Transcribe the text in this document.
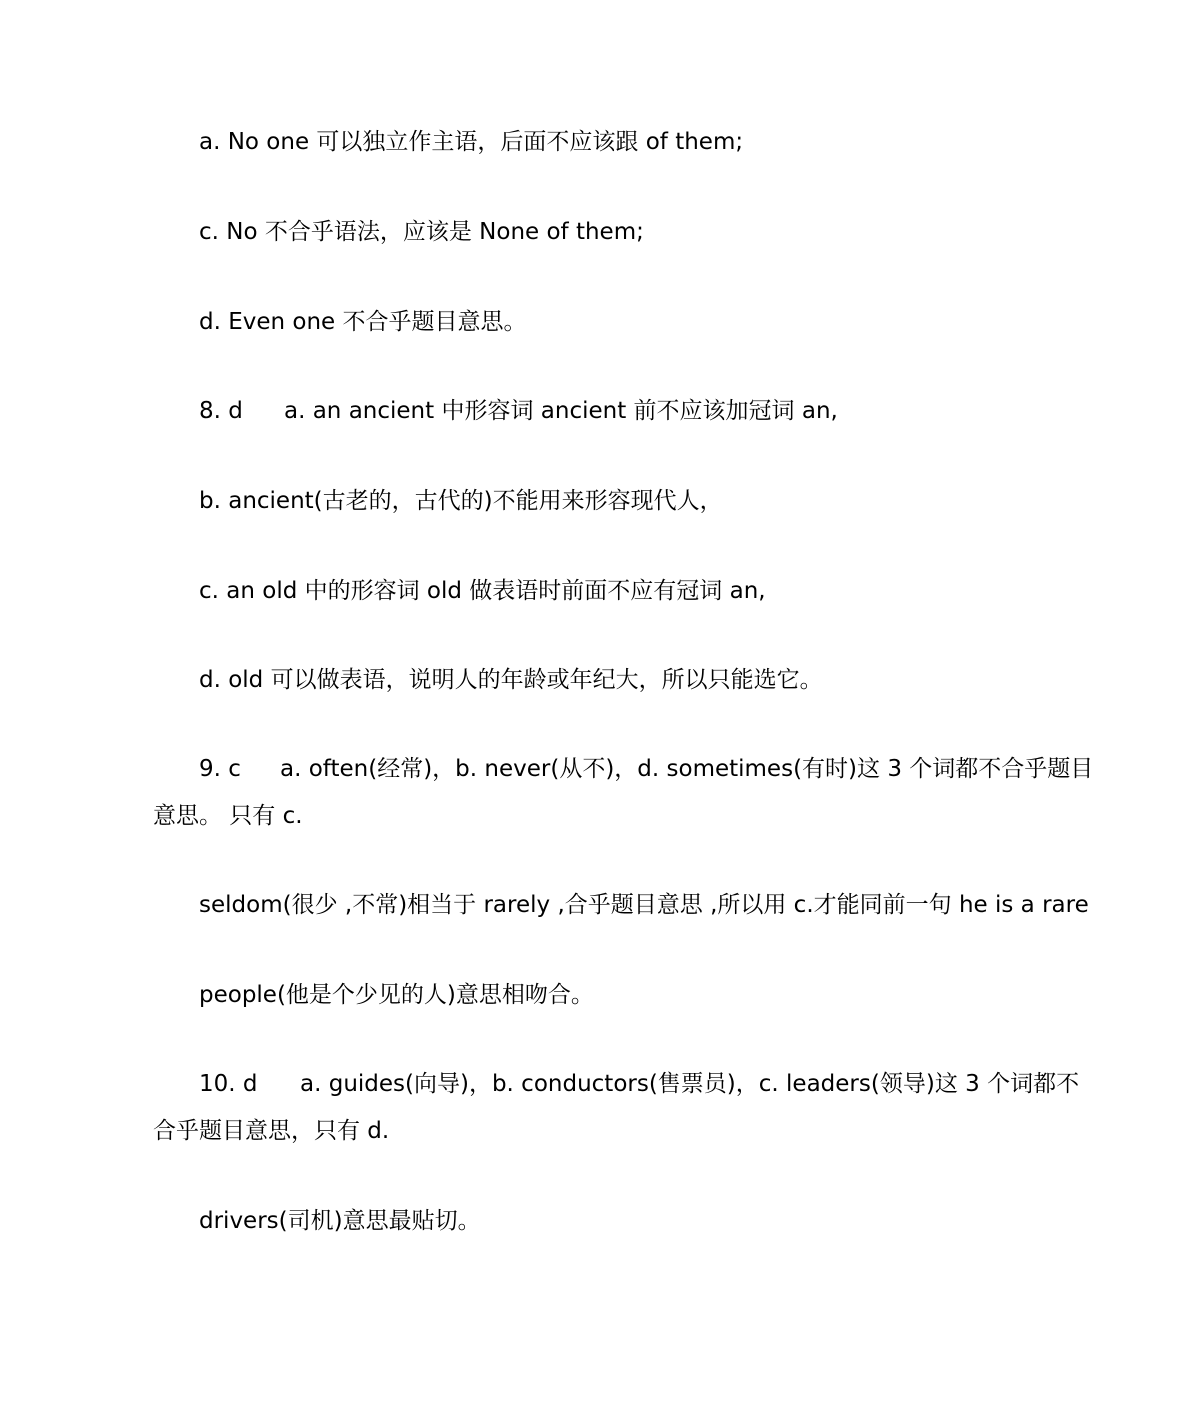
a. No one 可以独立作主语，后面不应该跟 of them;
c. No 不合乎语法，应该是 None of them;
d. Even one 不合乎题目意思。
8. d a. an ancient 中形容词 ancient 前不应该加冠词 an,
b. ancient(古老的，古代的)不能用来形容现代人，
c. an old 中的形容词 old 做表语时前面不应有冠词 an,
d. old 可以做表语，说明人的年龄或年纪大，所以只能选它。
9. c a. often(经常)，b. never(从不)，d. sometimes(有时)这 3 个词都不合乎题目
意思。 只有 c.
seldom(很少 ,不常)相当于 rarely ,合乎题目意思 ,所以用 c.才能同前一句 he is a rare
people(他是个少见的人)意思相吻合。
10. d a. guides(向导)，b. conductors(售票员)，c. leaders(领导)这 3 个词都不
合乎题目意思，只有 d.
drivers(司机)意思最贴切。
